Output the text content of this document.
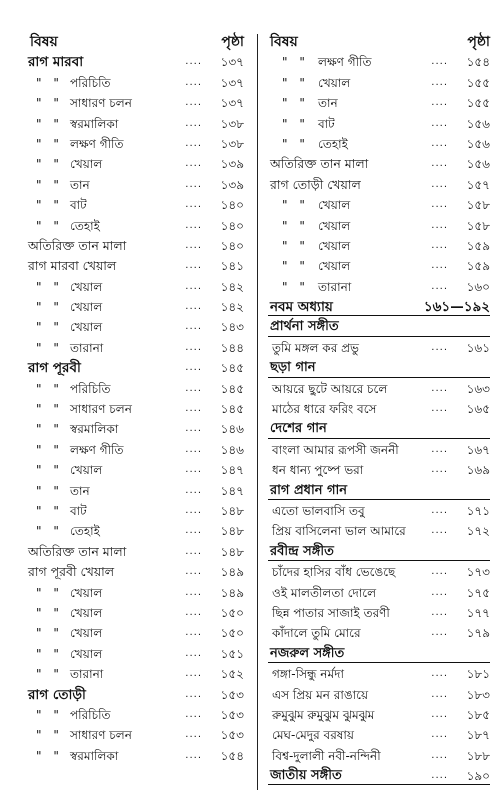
বিষয়	পৃষ্ঠা
রাগ মারবা	.... ১৩৭
" " পরিচিতি	.... ১৩৭
" " সাধারণ চলন	.... ১৩৭
" " স্বরমালিকা	.... ১৩৮
" " লক্ষণ গীতি	.... ১৩৮
" " খেয়াল	.... ১৩৯
" " তান	.... ১৩৯
" " বাট	.... ১৪০
" " তেহাই	.... ১৪০
অতিরিক্ত তান মালা	.... ১৪০
রাগ মারবা খেয়াল	.... ১৪১
" " খেয়াল	.... ১৪২
" " খেয়াল	.... ১৪২
" " খেয়াল	.... ১৪৩
" " তারানা	.... ১৪৪
রাগ পূরবী	.... ১৪৫
" " পরিচিতি	.... ১৪৫
" " সাধারণ চলন	.... ১৪৫
" " স্বরমালিকা	.... ১৪৬
" " লক্ষণ গীতি	.... ১৪৬
" " খেয়াল	.... ১৪৭
" " তান	.... ১৪৭
" " বাট	.... ১৪৮
" " তেহাই	.... ১৪৮
অতিরিক্ত তান মালা	.... ১৪৮
রাগ পূরবী খেয়াল	.... ১৪৯
" " খেয়াল	.... ১৪৯
" " খেয়াল	.... ১৫০
" " খেয়াল	.... ১৫০
" " খেয়াল	.... ১৫১
" " তারানা	.... ১৫২
রাগ তোড়ী	.... ১৫৩
" " পরিচিতি	.... ১৫৩
" " সাধারণ চলন	.... ১৫৩
" " স্বরমালিকা	.... ১৫৪
বিষয়	পৃষ্ঠা
" " লক্ষণ গীতি	.... ১৫৪
" " খেয়াল	.... ১৫৫
" " তান	.... ১৫৫
" " বাট	.... ১৫৬
" " তেহাই	.... ১৫৬
অতিরিক্ত তান মালা	.... ১৫৬
রাগ তোড়ী খেয়াল	.... ১৫৭
" " খেয়াল	.... ১৫৮
" " খেয়াল	.... ১৫৮
" " খেয়াল	.... ১৫৯
" " খেয়াল	.... ১৫৯
" " তারানা	.... ১৬০
নবম অধ্যায়	১৬১—১৯২
প্রার্থনা সঙ্গীত
তুমি মঙ্গল কর প্রভু	.... ১৬১
ছড়া গান
আয়রে ছুটে আয়রে চলে	.... ১৬৩
মাঠের ধারে ফরিং বসে	.... ১৬৫
দেশের গান
বাংলা আমার রূপসী জননী	.... ১৬৭
ধন ধান্য পুষ্পে ভরা	.... ১৬৯
রাগ প্রধান গান
এতো ভালবাসি তবু	.... ১৭১
প্রিয় বাসিলেনা ভাল আমারে	.... ১৭২
রবীন্দ্র সঙ্গীত
চাঁদের হাসির বাঁধ ভেঙেছে	.... ১৭৩
ওই মালতীলতা দোলে	.... ১৭৫
ছিন্ন পাতার সাজাই তরণী	.... ১৭৭
কাঁদালে তুমি মোরে	.... ১৭৯
নজরুল সঙ্গীত
গঙ্গা-সিন্ধু নর্মদা	.... ১৮১
এস প্রিয় মন রাঙায়ে	.... ১৮৩
রুমুঝুম রুমুঝুম ঝুমঝুম	.... ১৮৫
মেঘ-মেদুর বরষায়	.... ১৮৭
বিশ্ব-দুলালী নবী-নন্দিনী	.... ১৮৮
জাতীয় সঙ্গীত	.... ১৯০
